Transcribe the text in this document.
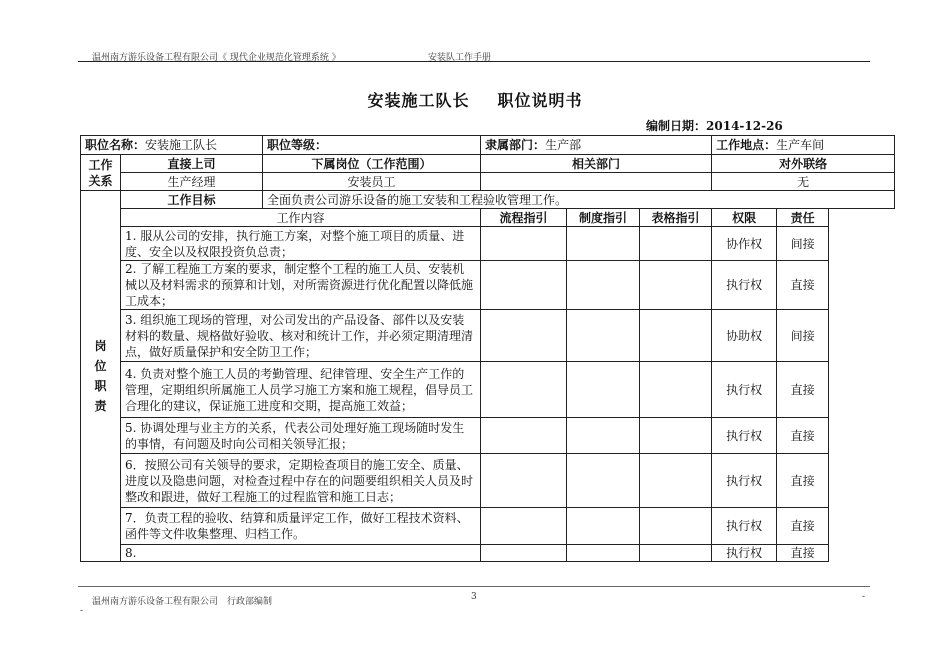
温州南方游乐设备工程有限公司《 现代企业规范化管理系统 》	安装队工作手册
安装施工队长 职位说明书
编制日期：2014-12-26
职位名称：安装施工队长		职位等级：	隶属部门：生产部			工作地点：生产车间	
工作
关系	直接上司	下属岗位（工作范围）	相关部门			对外联络	
	生产经理	安装员工				无	
岗
位
职
责	工作目标	全面负责公司游乐设备的施工安装和工程验收管理工作。					
	工作内容		流程指引	制度指引	表格指引	权限	责任
	1. 服从公司的安排，执行施工方案，对整个施工项目的质量、进度、安全以及权限投资负总责；					协作权	间接
	2. 了解工程施工方案的要求，制定整个工程的施工人员、安装机械以及材料需求的预算和计划，对所需资源进行优化配置以降低施工成本；					执行权	直接
	3. 组织施工现场的管理，对公司发出的产品设备、部件以及安装材料的数量、规格做好验收、核对和统计工作，并必须定期清理清点，做好质量保护和安全防卫工作；					协助权	间接
	4. 负责对整个施工人员的考勤管理、纪律管理、安全生产工作的管理，定期组织所属施工人员学习施工方案和施工规程，倡导员工合理化的建议，保证施工进度和交期，提高施工效益；					执行权	直接
	5. 协调处理与业主方的关系，代表公司处理好施工现场随时发生的事情，有问题及时向公司相关领导汇报；					执行权	直接
	6．按照公司有关领导的要求，定期检查项目的施工安全、质量、进度以及隐患问题，对检查过程中存在的问题要组织相关人员及时整改和跟进，做好工程施工的过程监管和施工日志；					执行权	直接
	7．负责工程的验收、结算和质量评定工作，做好工程技术资料、函件等文件收集整理、归档工作。					执行权	直接
	8.					执行权	直接
温州南方游乐设备工程有限公司　行政部编制	3	-
-
